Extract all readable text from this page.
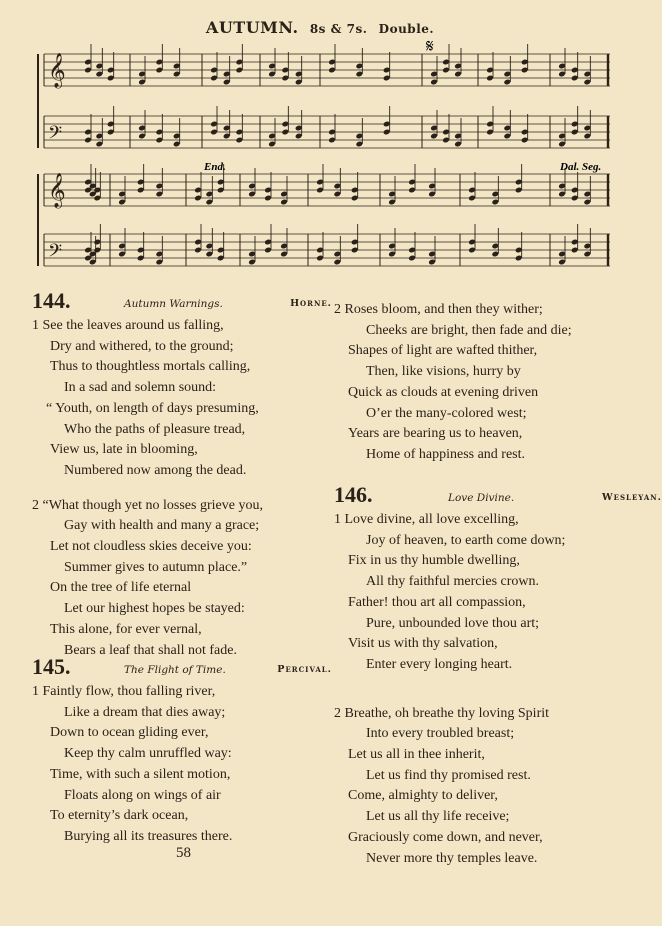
AUTUMN. 8s & 7s. Double.
𝄞
𝄢
𝄞
𝄢
End.	Dal. Seg.
𝄋
144.	Autumn Warnings.	Horne.
1 See the leaves around us falling,
Dry and withered, to the ground;
Thus to thoughtless mortals calling,
In a sad and solemn sound:
“ Youth, on length of days presuming,
Who the paths of pleasure tread,
View us, late in blooming,
Numbered now among the dead.
2 “What though yet no losses grieve you,
Gay with health and many a grace;
Let not cloudless skies deceive you:
Summer gives to autumn place.”
On the tree of life eternal
Let our highest hopes be stayed:
This alone, for ever vernal,
Bears a leaf that shall not fade.
145.	The Flight of Time.	Percival.
1 Faintly flow, thou falling river,
Like a dream that dies away;
Down to ocean gliding ever,
Keep thy calm unruffled way:
Time, with such a silent motion,
Floats along on wings of air
To eternity’s dark ocean,
Burying all its treasures there.
2 Roses bloom, and then they wither;
Cheeks are bright, then fade and die;
Shapes of light are wafted thither,
Then, like visions, hurry by
Quick as clouds at evening driven
O’er the many-colored west;
Years are bearing us to heaven,
Home of happiness and rest.
146.	Love Divine.	Wesleyan.
1 Love divine, all love excelling,
Joy of heaven, to earth come down;
Fix in us thy humble dwelling,
All thy faithful mercies crown.
Father! thou art all compassion,
Pure, unbounded love thou art;
Visit us with thy salvation,
Enter every longing heart.
2 Breathe, oh breathe thy loving Spirit
Into every troubled breast;
Let us all in thee inherit,
Let us find thy promised rest.
Come, almighty to deliver,
Let us all thy life receive;
Graciously come down, and never,
Never more thy temples leave.
58
